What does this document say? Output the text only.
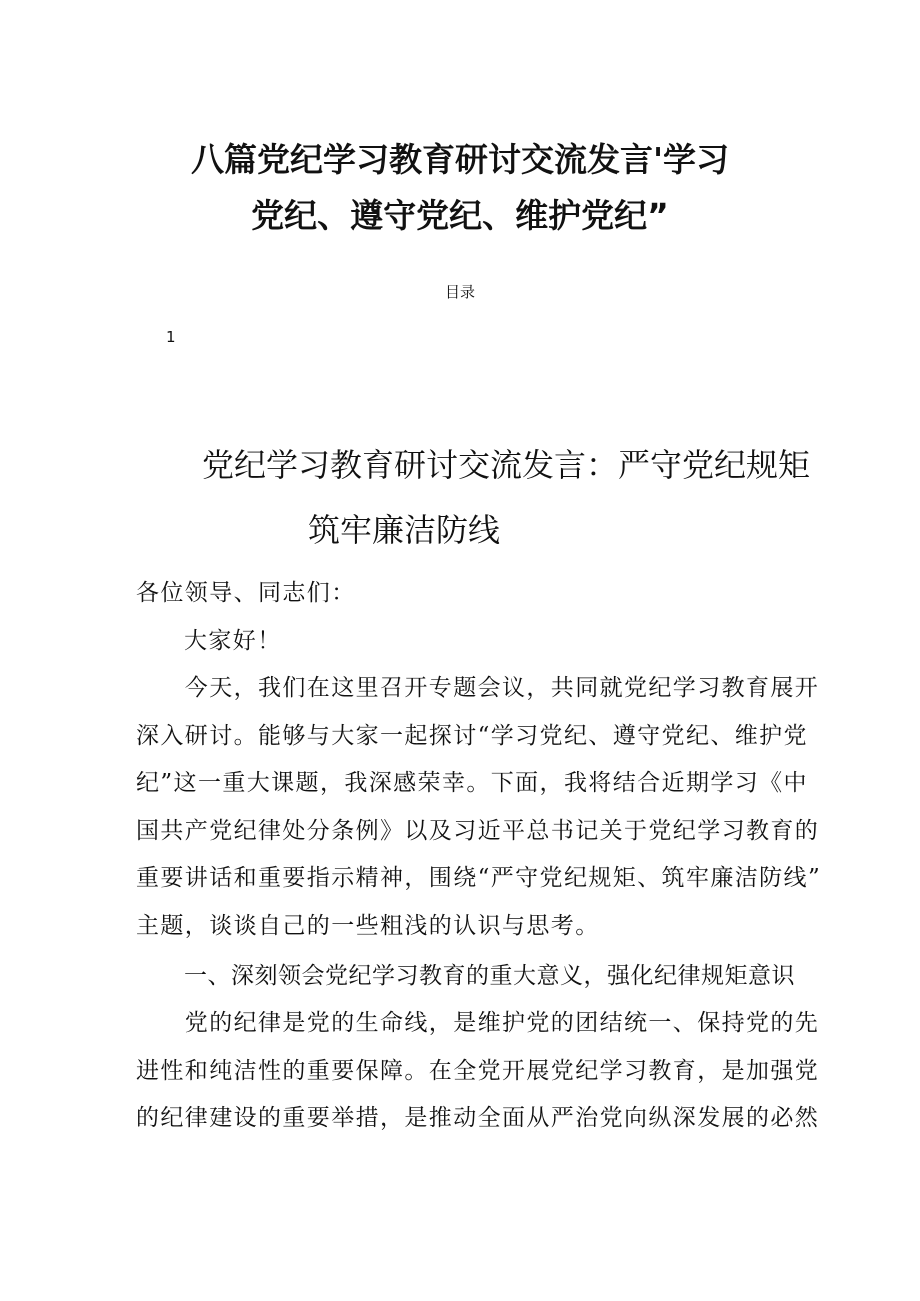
八篇党纪学习教育研讨交流发言'学习
党纪、遵守党纪、维护党纪”
目录
1
党纪学习教育研讨交流发言：严守党纪规矩
筑牢廉洁防线
各位领导、同志们：
大家好！
　　今天，我们在这里召开专题会议，共同就党纪学习教育展开
深入研讨。能够与大家一起探讨“学习党纪、遵守党纪、维护党
纪”这一重大课题，我深感荣幸。下面，我将结合近期学习《中
国共产党纪律处分条例》以及习近平总书记关于党纪学习教育的
重要讲话和重要指示精神，围绕“严守党纪规矩、筑牢廉洁防线”
主题，谈谈自己的一些粗浅的认识与思考。
一、深刻领会党纪学习教育的重大意义，强化纪律规矩意识
　　党的纪律是党的生命线，是维护党的团结统一、保持党的先
进性和纯洁性的重要保障。在全党开展党纪学习教育，是加强党
的纪律建设的重要举措，是推动全面从严治党向纵深发展的必然
